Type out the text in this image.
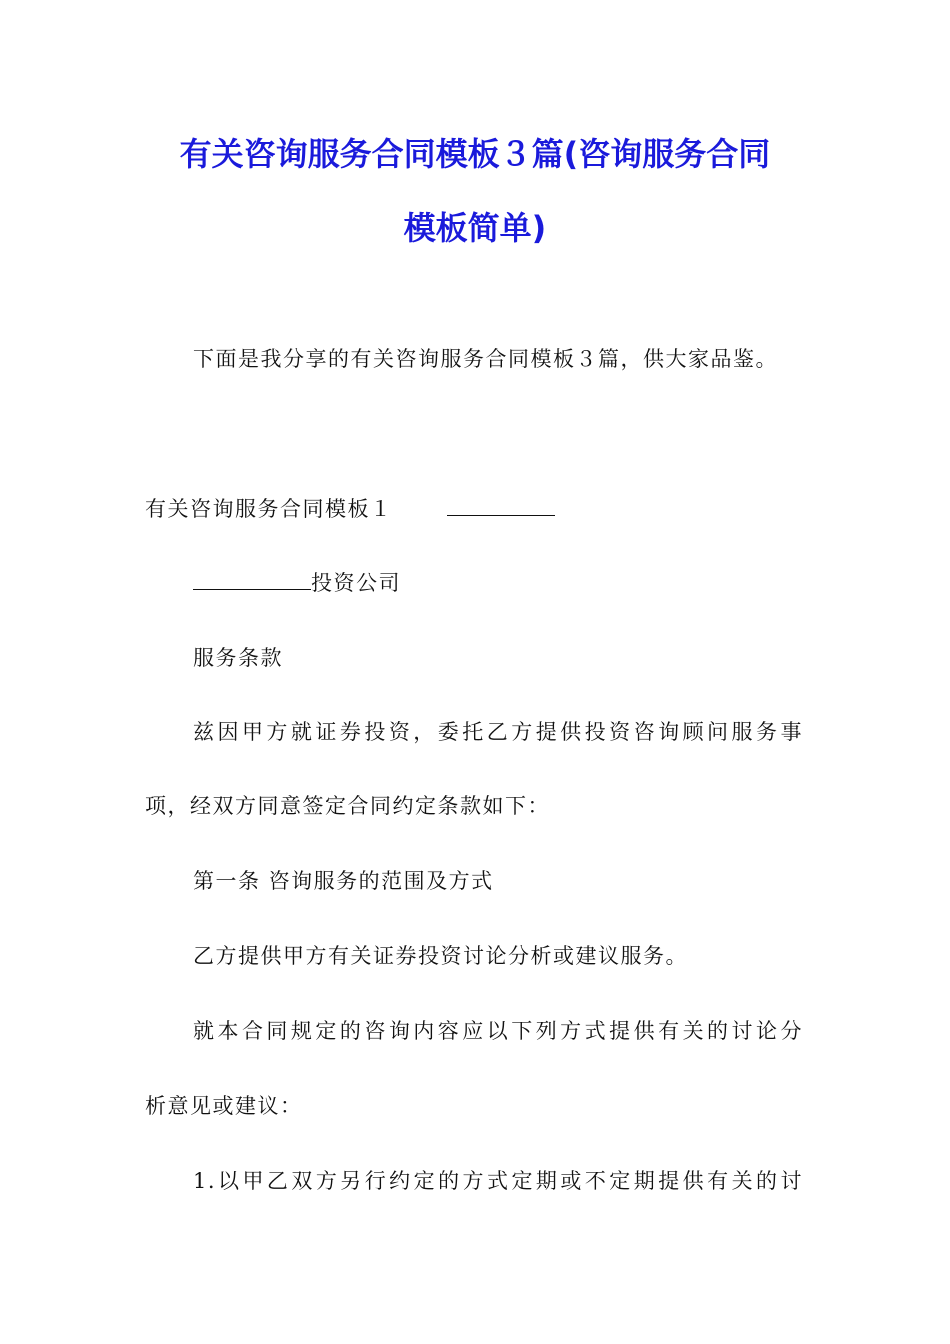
有关咨询服务合同模板３篇(咨询服务合同
模板简单)
下面是我分享的有关咨询服务合同模板３篇，供大家品鉴。
有关咨询服务合同模板１
投资公司
服务条款
兹因甲方就证券投资，委托乙方提供投资咨询顾问服务事
项，经双方同意签定合同约定条款如下：
第一条 咨询服务的范围及方式
乙方提供甲方有关证券投资讨论分析或建议服务。
就本合同规定的咨询内容应以下列方式提供有关的讨论分
析意见或建议：
1.以甲乙双方另行约定的方式定期或不定期提供有关的讨
